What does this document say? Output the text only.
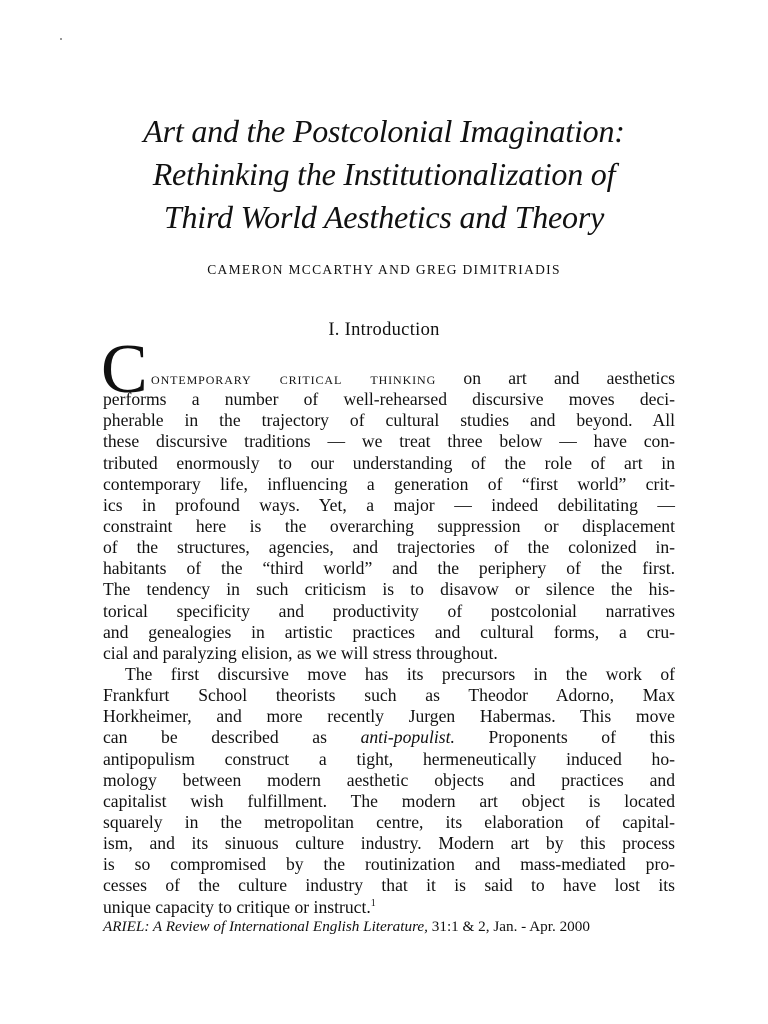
Art and the Postcolonial Imagination:
Rethinking the Institutionalization of
Third World Aesthetics and Theory
CAMERON MCCARTHY AND GREG DIMITRIADIS
I. Introduction
C ontemporary critical thinking on art and aesthetics
performs a number of well-rehearsed discursive moves deci-
pherable in the trajectory of cultural studies and beyond. All
these discursive traditions — we treat three below — have con-
tributed enormously to our understanding of the role of art in
contemporary life, influencing a generation of “first world” crit-
ics in profound ways. Yet, a major — indeed debilitating —
constraint here is the overarching suppression or displacement
of the structures, agencies, and trajectories of the colonized in-
habitants of the “third world” and the periphery of the first.
The tendency in such criticism is to disavow or silence the his-
torical specificity and productivity of postcolonial narratives
and genealogies in artistic practices and cultural forms, a cru-
cial and paralyzing elision, as we will stress throughout.
The first discursive move has its precursors in the work of
Frankfurt School theorists such as Theodor Adorno, Max
Horkheimer, and more recently Jurgen Habermas. This move
can be described as anti-populist. Proponents of this
antipopulism construct a tight, hermeneutically induced ho-
mology between modern aesthetic objects and practices and
capitalist wish fulfillment. The modern art object is located
squarely in the metropolitan centre, its elaboration of capital-
ism, and its sinuous culture industry. Modern art by this process
is so compromised by the routinization and mass-mediated pro-
cesses of the culture industry that it is said to have lost its
unique capacity to critique or instruct.$^1$
ARIEL: A Review of International English Literature, 31:1 & 2, Jan. - Apr. 2000
